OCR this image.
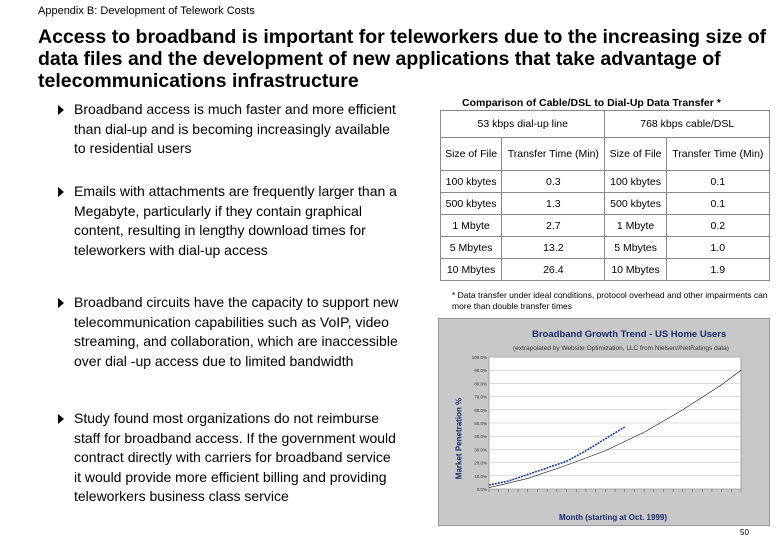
Appendix B: Development of Telework Costs
Access to broadband is important for teleworkers due to the increasing size of data files and the development of new applications that take advantage of telecommunications infrastructure

Broadband access is much faster and more efficient than dial-up and is becoming increasingly available to residential users

Emails with attachments are frequently larger than a Megabyte, particularly if they contain graphical content, resulting in lengthy download times for teleworkers with dial-up access

Broadband circuits have the capacity to support new telecommunication capabilities such as VoIP, video streaming, and collaboration, which are inaccessible over dial -up access due to limited bandwidth

Study found most organizations do not reimburse staff for broadband access. If the government would contract directly with carriers for broadband service it would provide more efficient billing and providing teleworkers business class service

Comparison of Cable/DSL to Dial-Up Data Transfer *
53 kbps dial-up line		768 kbps cable/DSL	
Size of File	Transfer Time (Min)	Size of File	Transfer Time (Min)
100 kbytes	0.3	100 kbytes	0.1
500 kbytes	1.3	500 kbytes	0.1
1 Mbyte	2.7	1 Mbyte	0.2
5 Mbytes	13.2	5 Mbytes	1.0
10 Mbytes	26.4	10 Mbytes	1.9
* Data transfer under ideal conditions, protocol overhead and other impairments can more than double transfer times
Broadband Growth Trend - US Home Users
(extrapolated by Website Optimization, LLC from Nielsen//NetRatings data)
Market Penetration %
0.0%
10.0%
20.0%
30.0%
40.0%
50.0%
60.0%
70.0%
80.0%
90.0%
100.0%
Month (starting at Oct. 1999)
50
